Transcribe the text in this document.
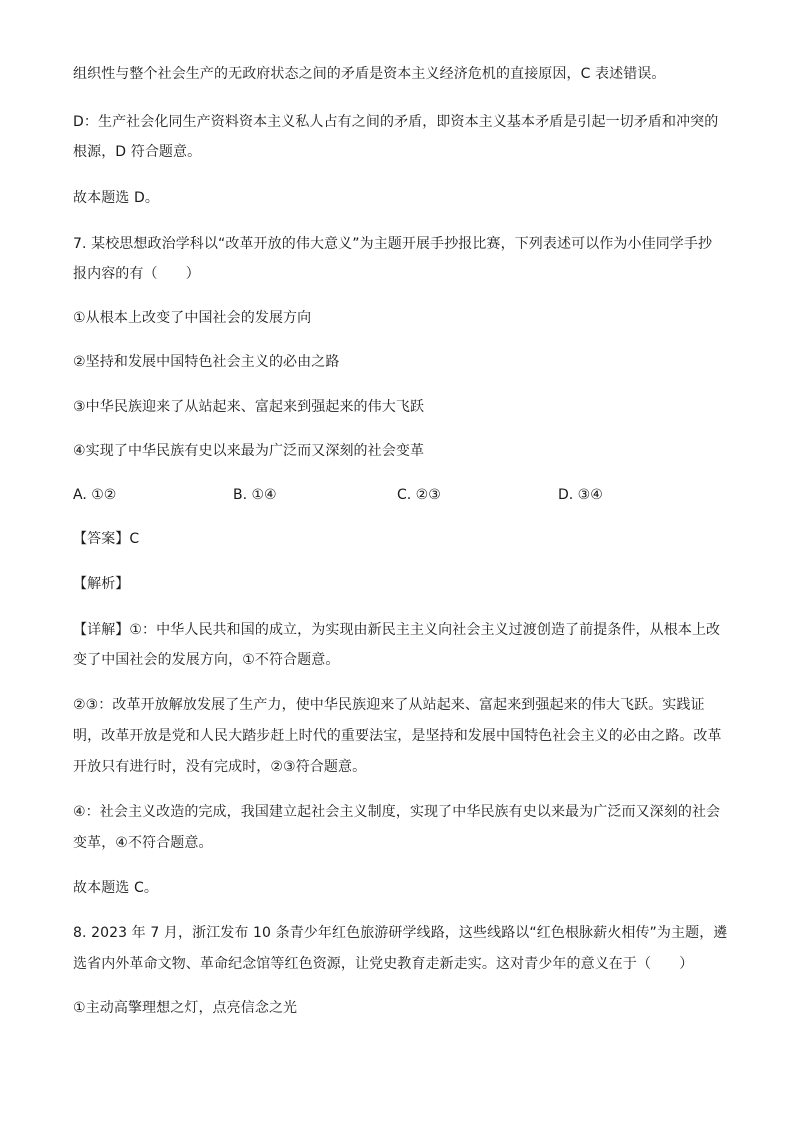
组织性与整个社会生产的无政府状态之间的矛盾是资本主义经济危机的直接原因，C 表述错误。
D：生产社会化同生产资料资本主义私人占有之间的矛盾，即资本主义基本矛盾是引起一切矛盾和冲突的
根源，D 符合题意。
故本题选 D。
7. 某校思想政治学科以“改革开放的伟大意义”为主题开展手抄报比赛，下列表述可以作为小佳同学手抄
报内容的有（　　）
①从根本上改变了中国社会的发展方向
②坚持和发展中国特色社会主义的必由之路
③中华民族迎来了从站起来、富起来到强起来的伟大飞跃
④实现了中华民族有史以来最为广泛而又深刻的社会变革
A. ①②	B. ①④	C. ②③	D. ③④
【答案】C
【解析】
【详解】①：中华人民共和国的成立，为实现由新民主主义向社会主义过渡创造了前提条件，从根本上改
变了中国社会的发展方向，①不符合题意。
②③：改革开放解放发展了生产力，使中华民族迎来了从站起来、富起来到强起来的伟大飞跃。实践证
明，改革开放是党和人民大踏步赶上时代的重要法宝，是坚持和发展中国特色社会主义的必由之路。改革
开放只有进行时，没有完成时，②③符合题意。
④：社会主义改造的完成，我国建立起社会主义制度，实现了中华民族有史以来最为广泛而又深刻的社会
变革，④不符合题意。
故本题选 C。
8. 2023 年 7 月，浙江发布 10 条青少年红色旅游研学线路，这些线路以“红色根脉薪火相传”为主题，遴
选省内外革命文物、革命纪念馆等红色资源，让党史教育走新走实。这对青少年的意义在于（　　）
①主动高擎理想之灯，点亮信念之光
